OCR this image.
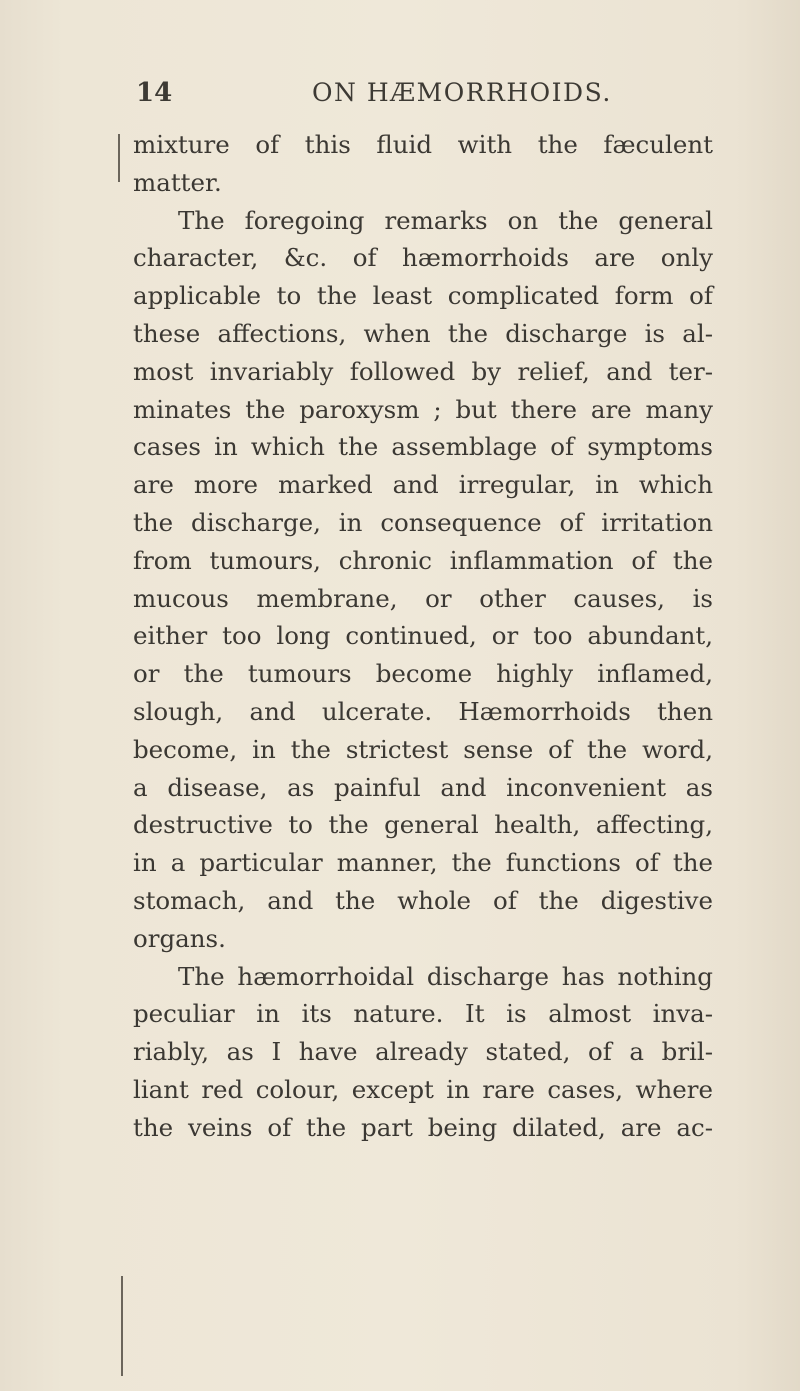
14	ON HÆMORRHOIDS.
mixture of this fluid with the fæculent
matter.
The foregoing remarks on the general
character, &c. of hæmorrhoids are only
applicable to the least complicated form of
these affections, when the discharge is al-
most invariably followed by relief, and ter-
minates the paroxysm ; but there are many
cases in which the assemblage of symptoms
are more marked and irregular, in which
the discharge, in consequence of irritation
from tumours, chronic inflammation of the
mucous membrane, or other causes, is
either too long continued, or too abundant,
or the tumours become highly inflamed,
slough, and ulcerate. Hæmorrhoids then
become, in the strictest sense of the word,
a disease, as painful and inconvenient as
destructive to the general health, affecting,
in a particular manner, the functions of the
stomach, and the whole of the digestive
organs.
The hæmorrhoidal discharge has nothing
peculiar in its nature. It is almost inva-
riably, as I have already stated, of a bril-
liant red colour, except in rare cases, where
the veins of the part being dilated, are ac-
